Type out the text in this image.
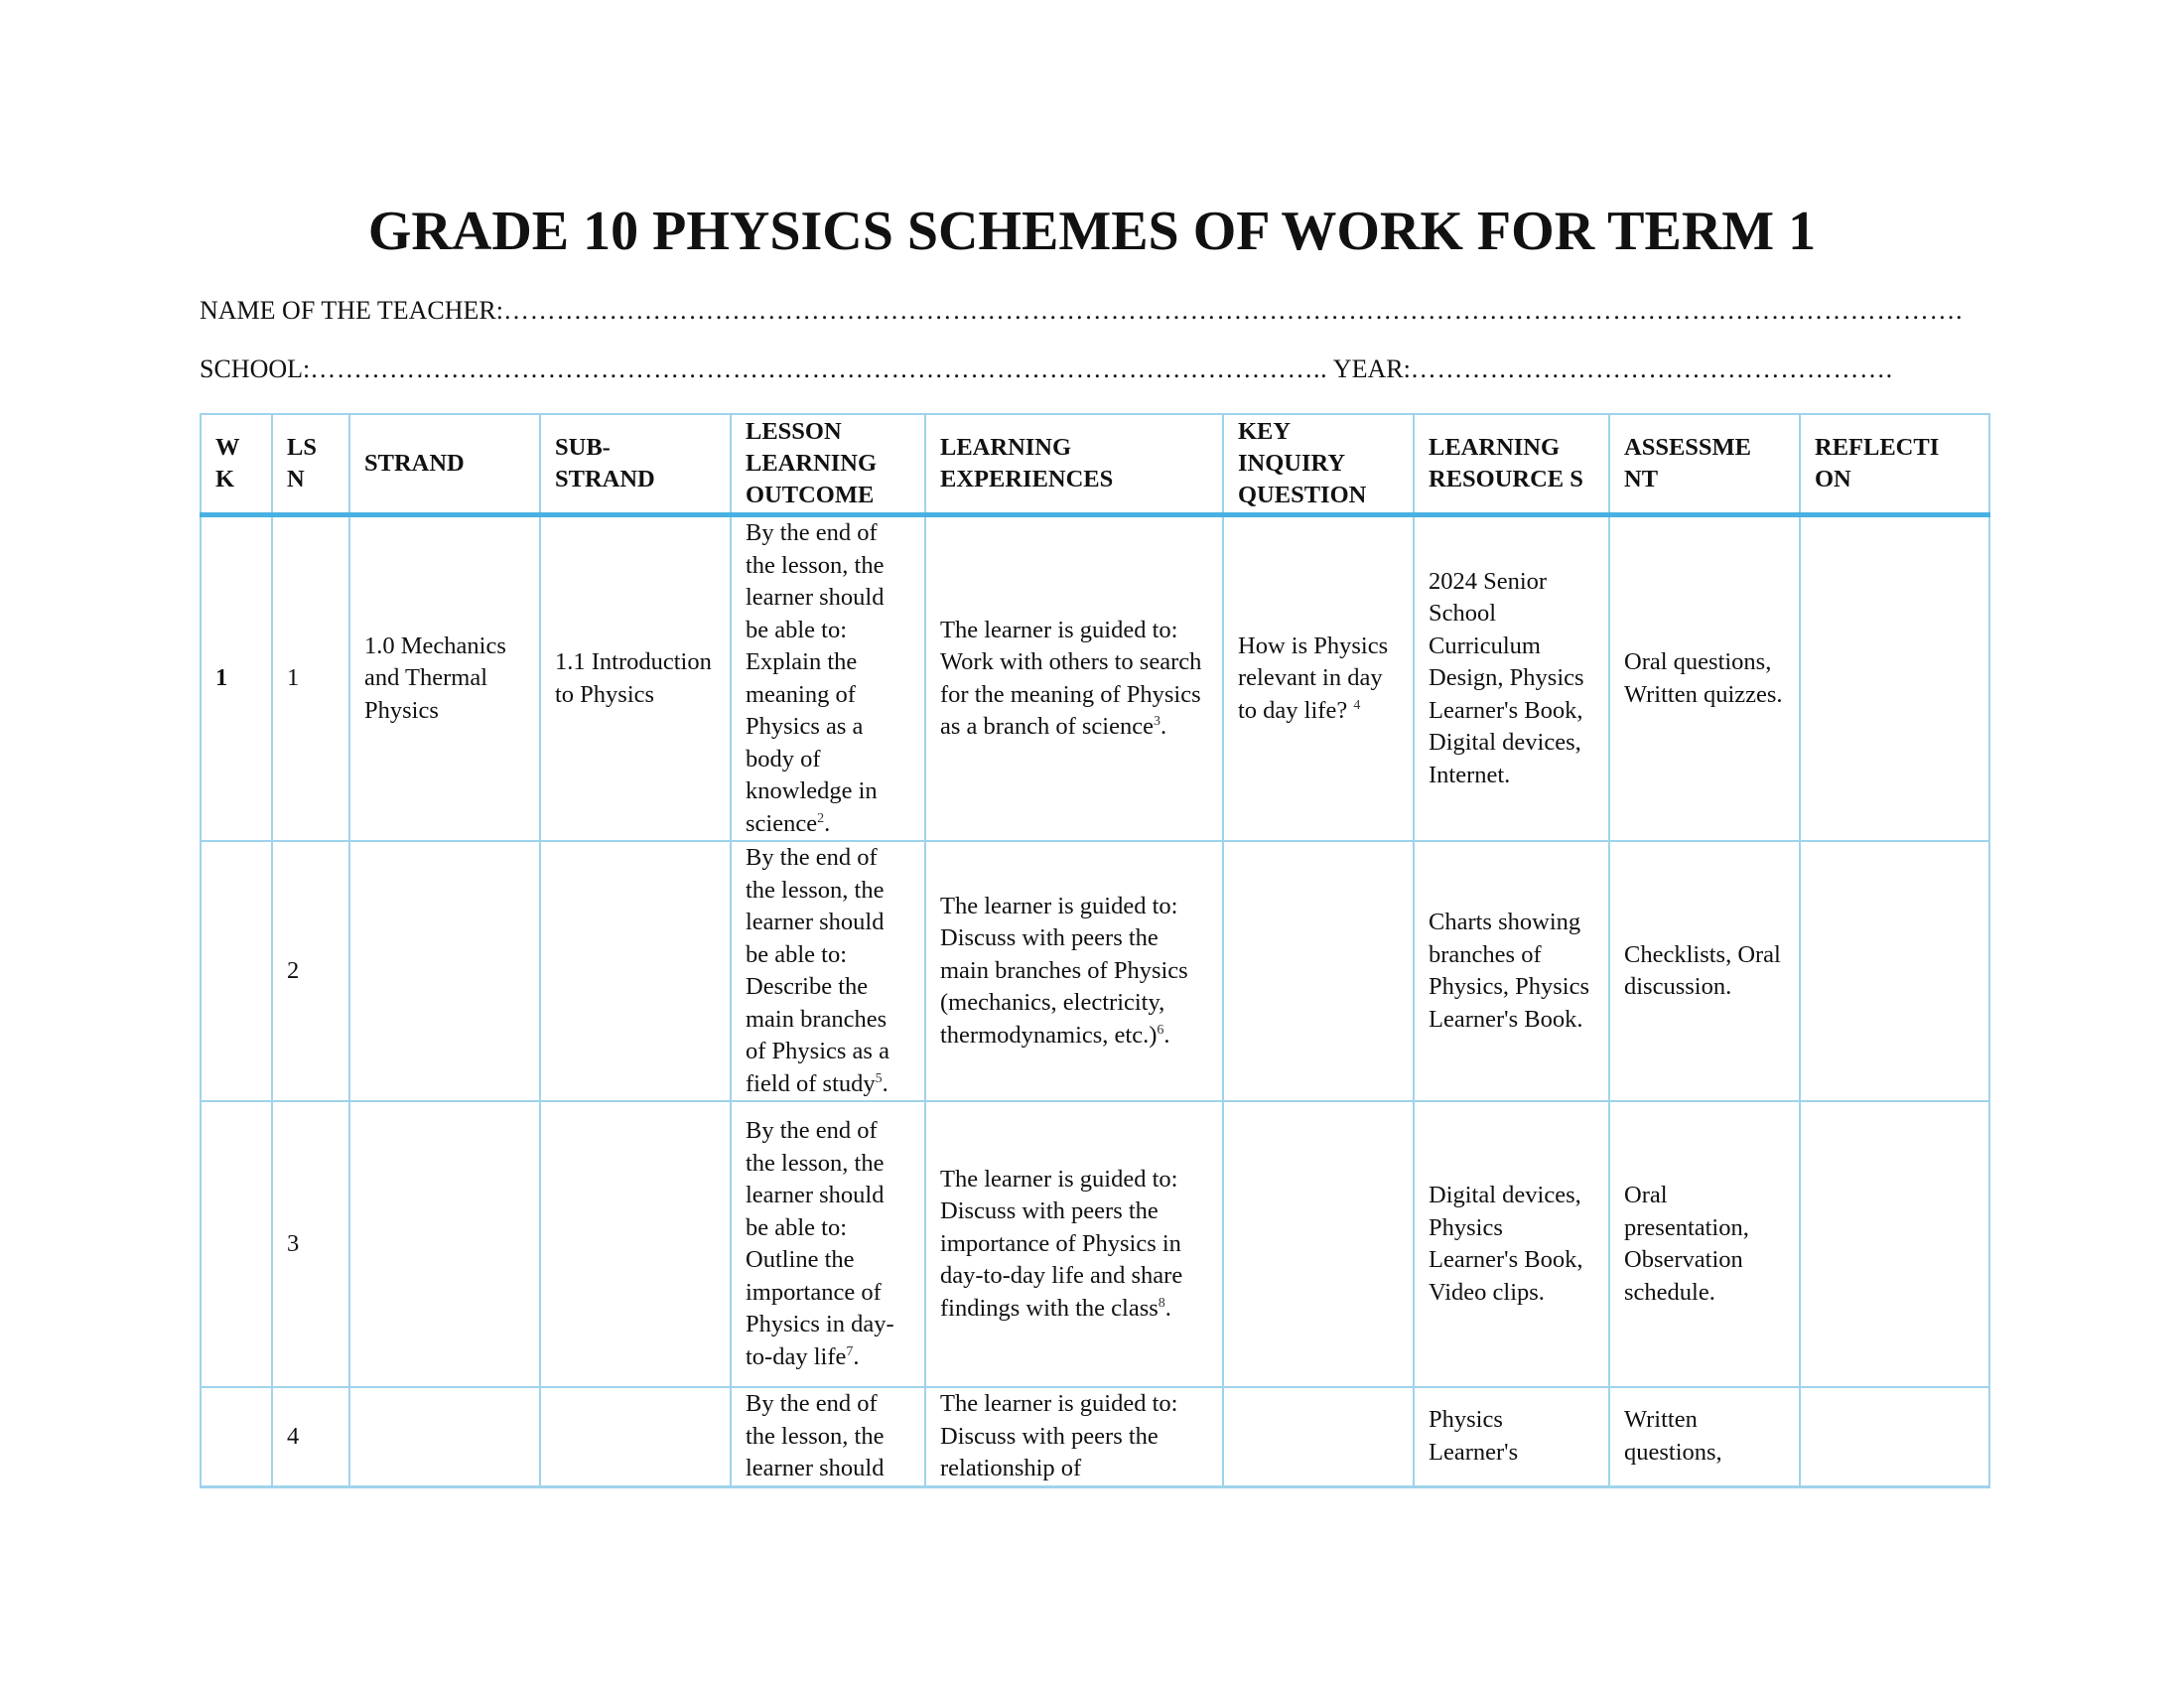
GRADE 10 PHYSICS SCHEMES OF WORK FOR TERM 1
NAME OF THE TEACHER:………………………………………………………………………………………………………………………………………………….
SCHOOL:…………………………………………………………………………………………………….. YEAR:……………………………………………….
W K	LS N	STRAND	SUB- STRAND	LESSON LEARNING OUTCOME	LEARNING EXPERIENCES	KEY INQUIRY QUESTION	LEARNING RESOURCE S	ASSESSME NT	REFLECTI ON
1	1	1.0 Mechanics and Thermal Physics	1.1 Introduction to Physics	By the end of the lesson, the learner should be able to: Explain the meaning of Physics as a body of knowledge in science$^2$.	The learner is guided to: Work with others to search for the meaning of Physics as a branch of science$^3$.	How is Physics relevant in day to day life? $^4$	2024 Senior School Curriculum Design, Physics Learner's Book, Digital devices, Internet.	Oral questions, Written quizzes.	
	2			By the end of the lesson, the learner should be able to: Describe the main branches of Physics as a field of study$^5$.	The learner is guided to: Discuss with peers the main branches of Physics (mechanics, electricity, thermodynamics, etc.)$^6$.		Charts showing branches of Physics, Physics Learner's Book.	Checklists, Oral discussion.	
	3			By the end of the lesson, the learner should be able to: Outline the importance of Physics in day-to-day life$^7$.	The learner is guided to: Discuss with peers the importance of Physics in day-to-day life and share findings with the class$^8$.		Digital devices, Physics Learner's Book, Video clips.	Oral presentation, Observation schedule.	
	4			By the end of the lesson, the learner should	The learner is guided to: Discuss with peers the relationship of		Physics Learner's	Written questions,	
